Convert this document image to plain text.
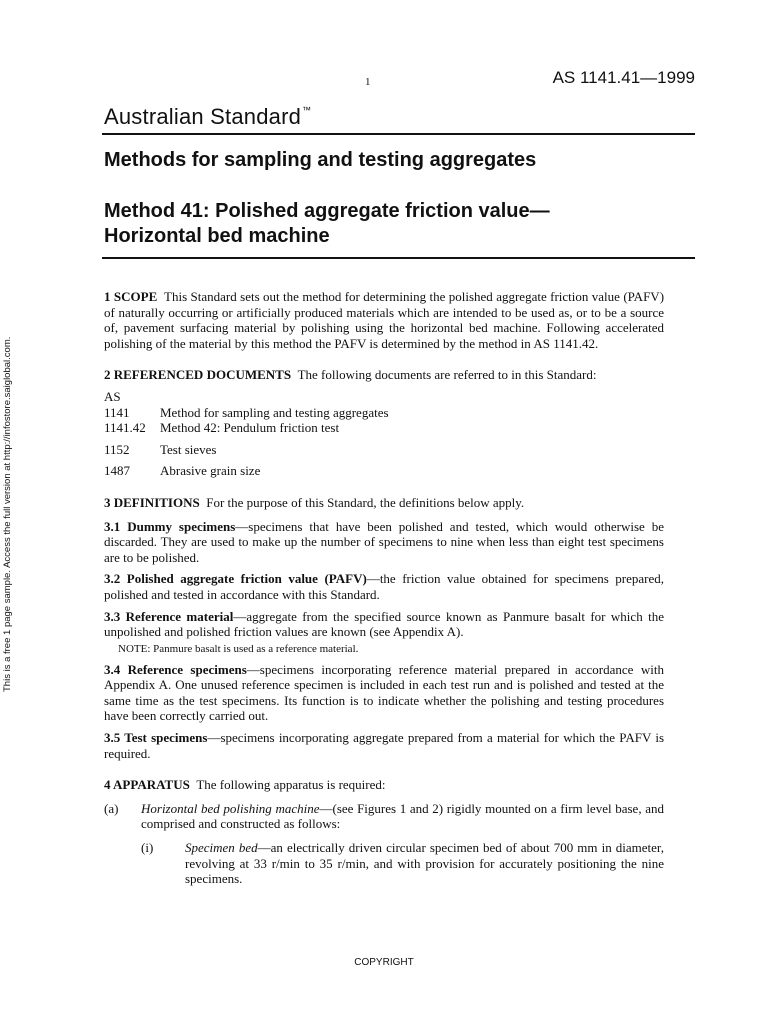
1	AS 1141.41—1999
Australian Standard™
Methods for sampling and testing aggregates
Method 41: Polished aggregate friction value—
Horizontal bed machine
This is a free 1 page sample. Access the full version at http://infostore.saiglobal.com.

1 SCOPE This Standard sets out the method for determining the polished aggregate friction value (PAFV) of naturally occurring or artificially produced materials which are intended to be used as, or to be a source of, pavement surfacing material by polishing using the horizontal bed machine. Following accelerated polishing of the material by this method the PAFV is determined by the method in AS 1141.42.

2 REFERENCED DOCUMENTS The following documents are referred to in this Standard:

AS
1141	Method for sampling and testing aggregates
1141.42	Method 42: Pendulum friction test
1152	Test sieves
1487	Abrasive grain size

3 DEFINITIONS For the purpose of this Standard, the definitions below apply.

3.1 Dummy specimens—specimens that have been polished and tested, which would otherwise be discarded. They are used to make up the number of specimens to nine when less than eight test specimens are to be polished.

3.2 Polished aggregate friction value (PAFV)—the friction value obtained for specimens prepared, polished and tested in accordance with this Standard.

3.3 Reference material—aggregate from the specified source known as Panmure basalt for which the unpolished and polished friction values are known (see Appendix A).

NOTE: Panmure basalt is used as a reference material.

3.4 Reference specimens—specimens incorporating reference material prepared in accordance with Appendix A. One unused reference specimen is included in each test run and is polished and tested at the same time as the test specimens. Its function is to indicate whether the polishing and testing procedures have been correctly carried out.

3.5 Test specimens—specimens incorporating aggregate prepared from a material for which the PAFV is required.

4 APPARATUS The following apparatus is required:

(a)	Horizontal bed polishing machine—(see Figures 1 and 2) rigidly mounted on a firm level base, and comprised and constructed as follows:
(i)	Specimen bed—an electrically driven circular specimen bed of about 700 mm in diameter, revolving at 33 r/min to 35 r/min, and with provision for accurately positioning the nine specimens.
COPYRIGHT
